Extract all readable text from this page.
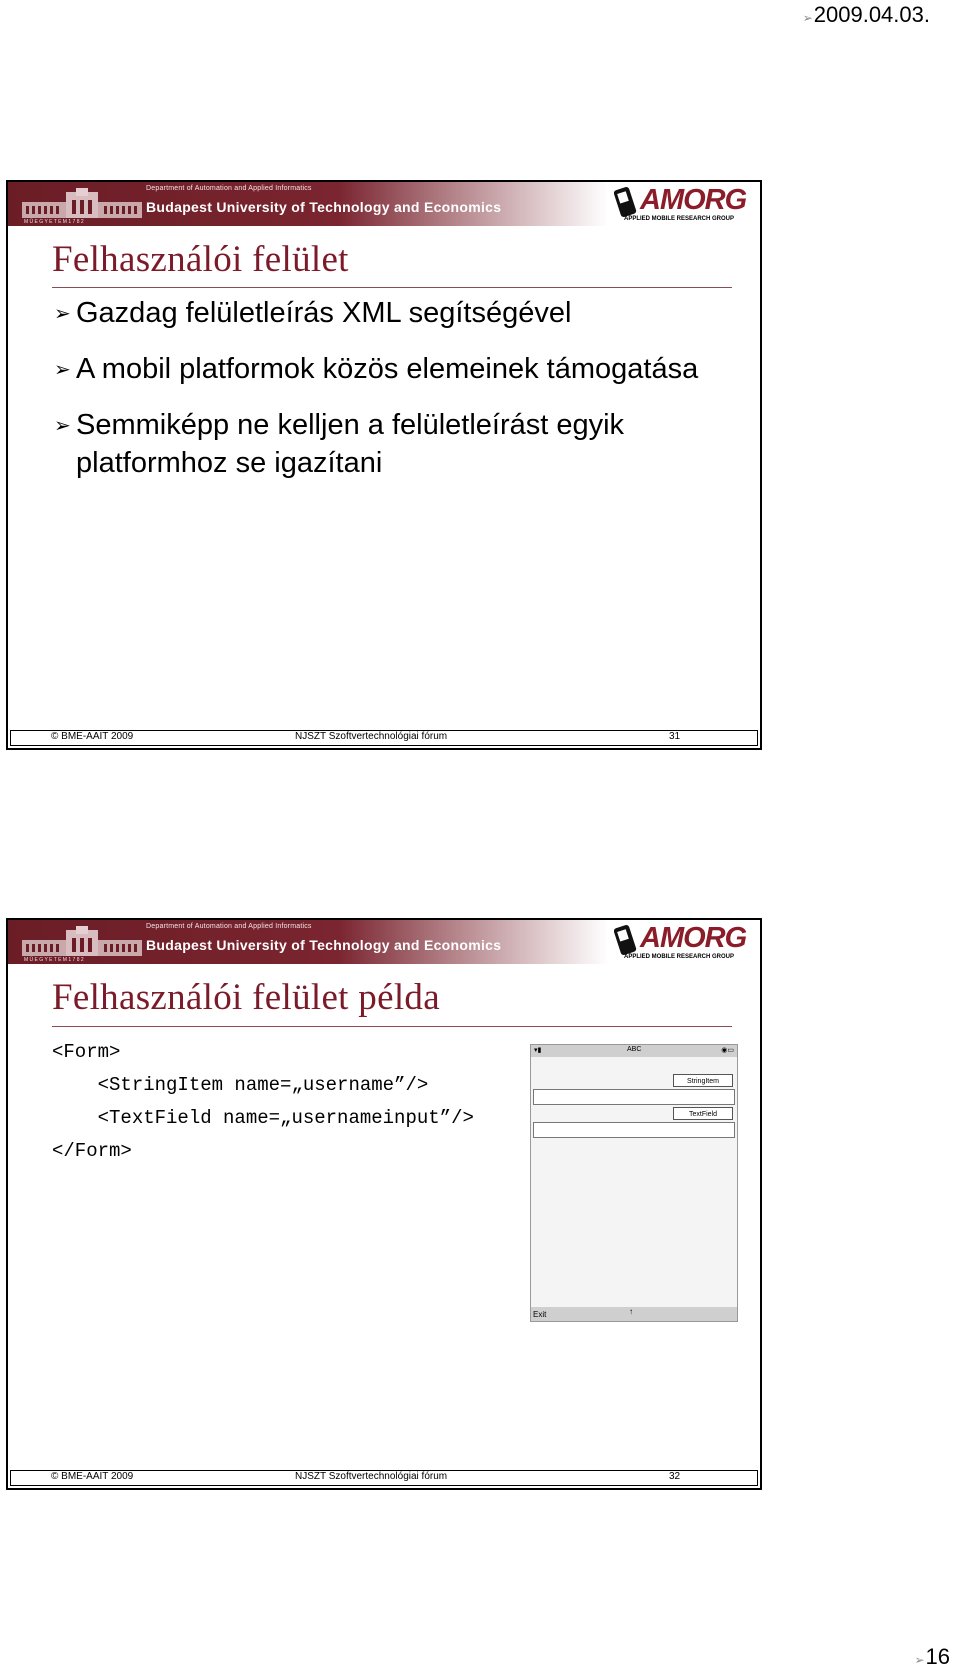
➢2009.04.03.
M Ű E G Y E T E M 1 7 8 2
Department of Automation and Applied Informatics
Budapest University of Technology and Economics	AMORG
APPLIED MOBILE RESEARCH GROUP
Felhasználói felület
➢ Gazdag felületleírás XML segítségével
➢ A mobil platformok közös elemeinek támogatása
➢ Semmiképp ne kelljen a felületleírást egyik platformhoz se igazítani
© BME-AAIT 2009	NJSZT Szoftvertechnológiai fórum	31
M Ű E G Y E T E M 1 7 8 2
Department of Automation and Applied Informatics
Budapest University of Technology and Economics	AMORG
APPLIED MOBILE RESEARCH GROUP
Felhasználói felület példa
<Form>
<StringItem name=„username”/>
<TextField name=„usernameinput”/>
</Form>
▾▮	ABC	◉▭
StringItem
TextField
Exit	↑
© BME-AAIT 2009	NJSZT Szoftvertechnológiai fórum	32
➢16
